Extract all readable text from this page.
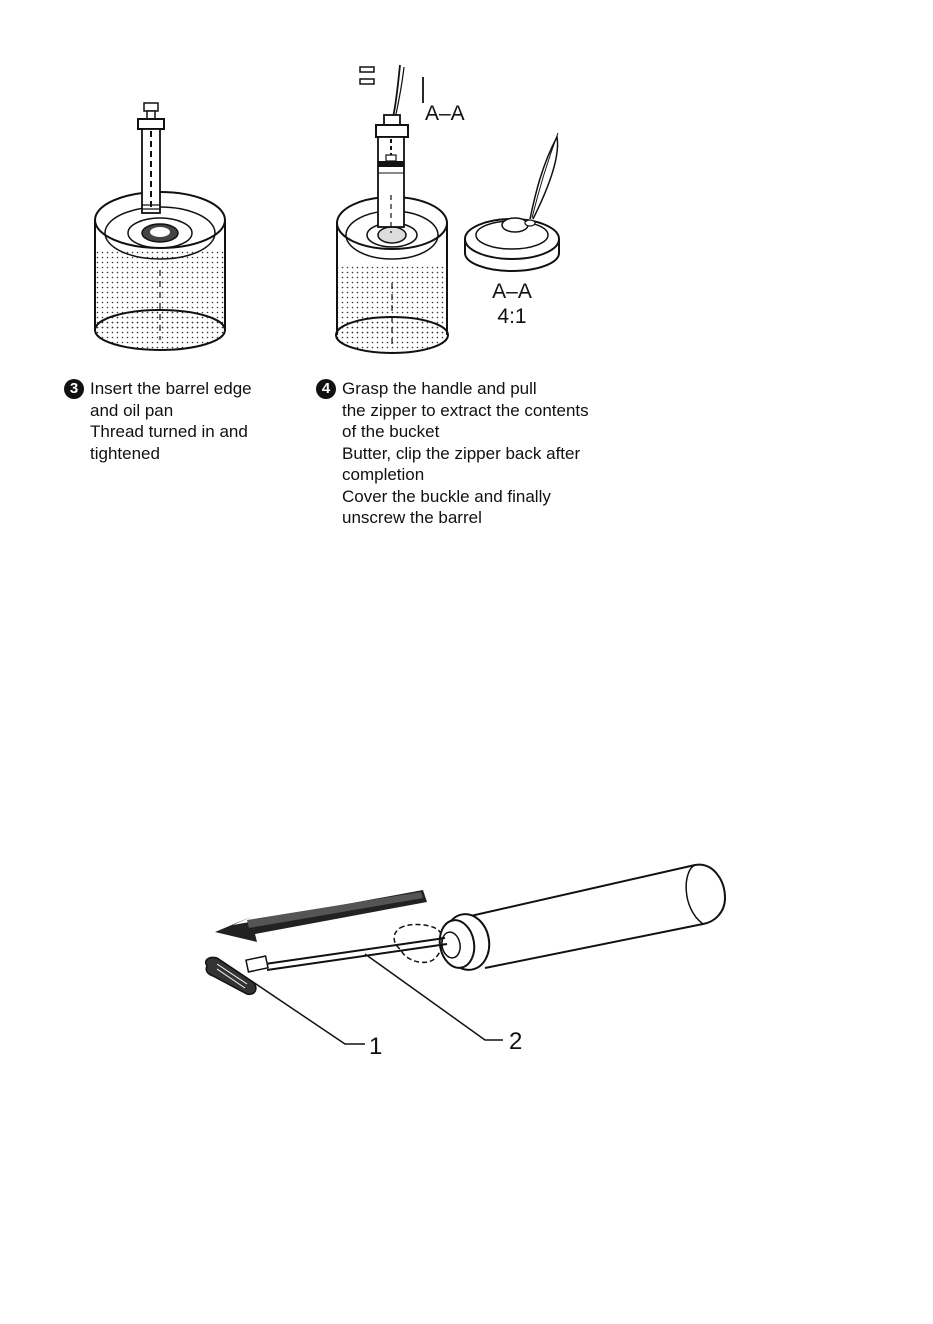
A–A
A–A
4:1
3 Insert the barrel edge
and oil pan
Thread turned in and
tightened
4 Grasp the handle and pull
the zipper to extract the contents
of the bucket
Butter, clip the zipper back after
completion
Cover the buckle and finally
unscrew the barrel
1	2
